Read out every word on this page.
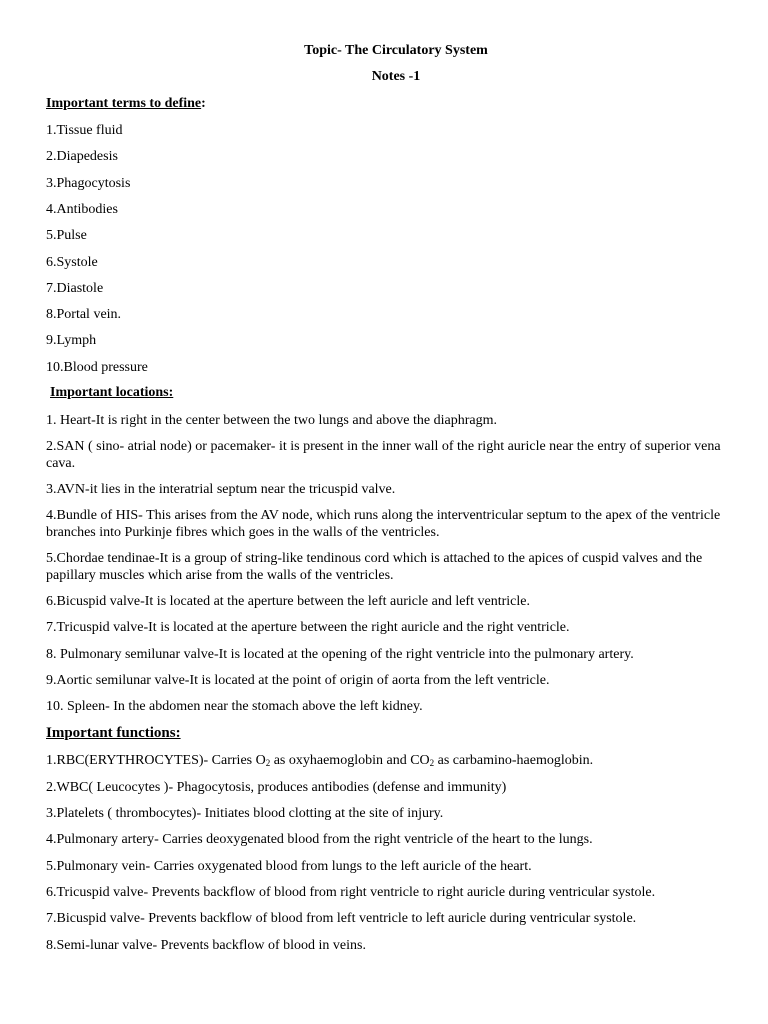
Topic- The Circulatory System
Notes -1
Important terms to define:
1.Tissue fluid
2.Diapedesis
3.Phagocytosis
4.Antibodies
5.Pulse
6.Systole
7.Diastole
8.Portal vein.
9.Lymph
10.Blood pressure
Important locations:
1. Heart-It is right in the center between the two lungs and above the diaphragm.
2.SAN ( sino- atrial node) or pacemaker- it is present in the inner wall of the right auricle near the entry of superior vena cava.
3.AVN-it lies in the interatrial septum near the tricuspid valve.
4.Bundle of HIS- This arises from the AV node, which runs along the interventricular septum to the apex of the ventricle branches into Purkinje fibres which goes in the walls of the ventricles.
5.Chordae tendinae-It is a group of string-like tendinous cord which is attached to the apices of cuspid valves and the papillary muscles which arise from the walls of the ventricles.
6.Bicuspid valve-It is located at the aperture between the left auricle and left ventricle.
7.Tricuspid valve-It is located at the aperture between the right auricle and the right ventricle.
8. Pulmonary semilunar valve-It is located at the opening of the right ventricle into the pulmonary artery.
9.Aortic semilunar valve-It is located at the point of origin of aorta from the left ventricle.
10. Spleen- In the abdomen near the stomach above the left kidney.
Important functions:
1.RBC(ERYTHROCYTES)- Carries $O_2$ as oxyhaemoglobin and $CO_2$ as carbamino-haemoglobin.
2.WBC( Leucocytes )- Phagocytosis, produces antibodies (defense and immunity)
3.Platelets ( thrombocytes)- Initiates blood clotting at the site of injury.
4.Pulmonary artery- Carries deoxygenated blood from the right ventricle of the heart to the lungs.
5.Pulmonary vein- Carries oxygenated blood from lungs to the left auricle of the heart.
6.Tricuspid valve- Prevents backflow of blood from right ventricle to right auricle during ventricular systole.
7.Bicuspid valve- Prevents backflow of blood from left ventricle to left auricle during ventricular systole.
8.Semi-lunar valve- Prevents backflow of blood in veins.
